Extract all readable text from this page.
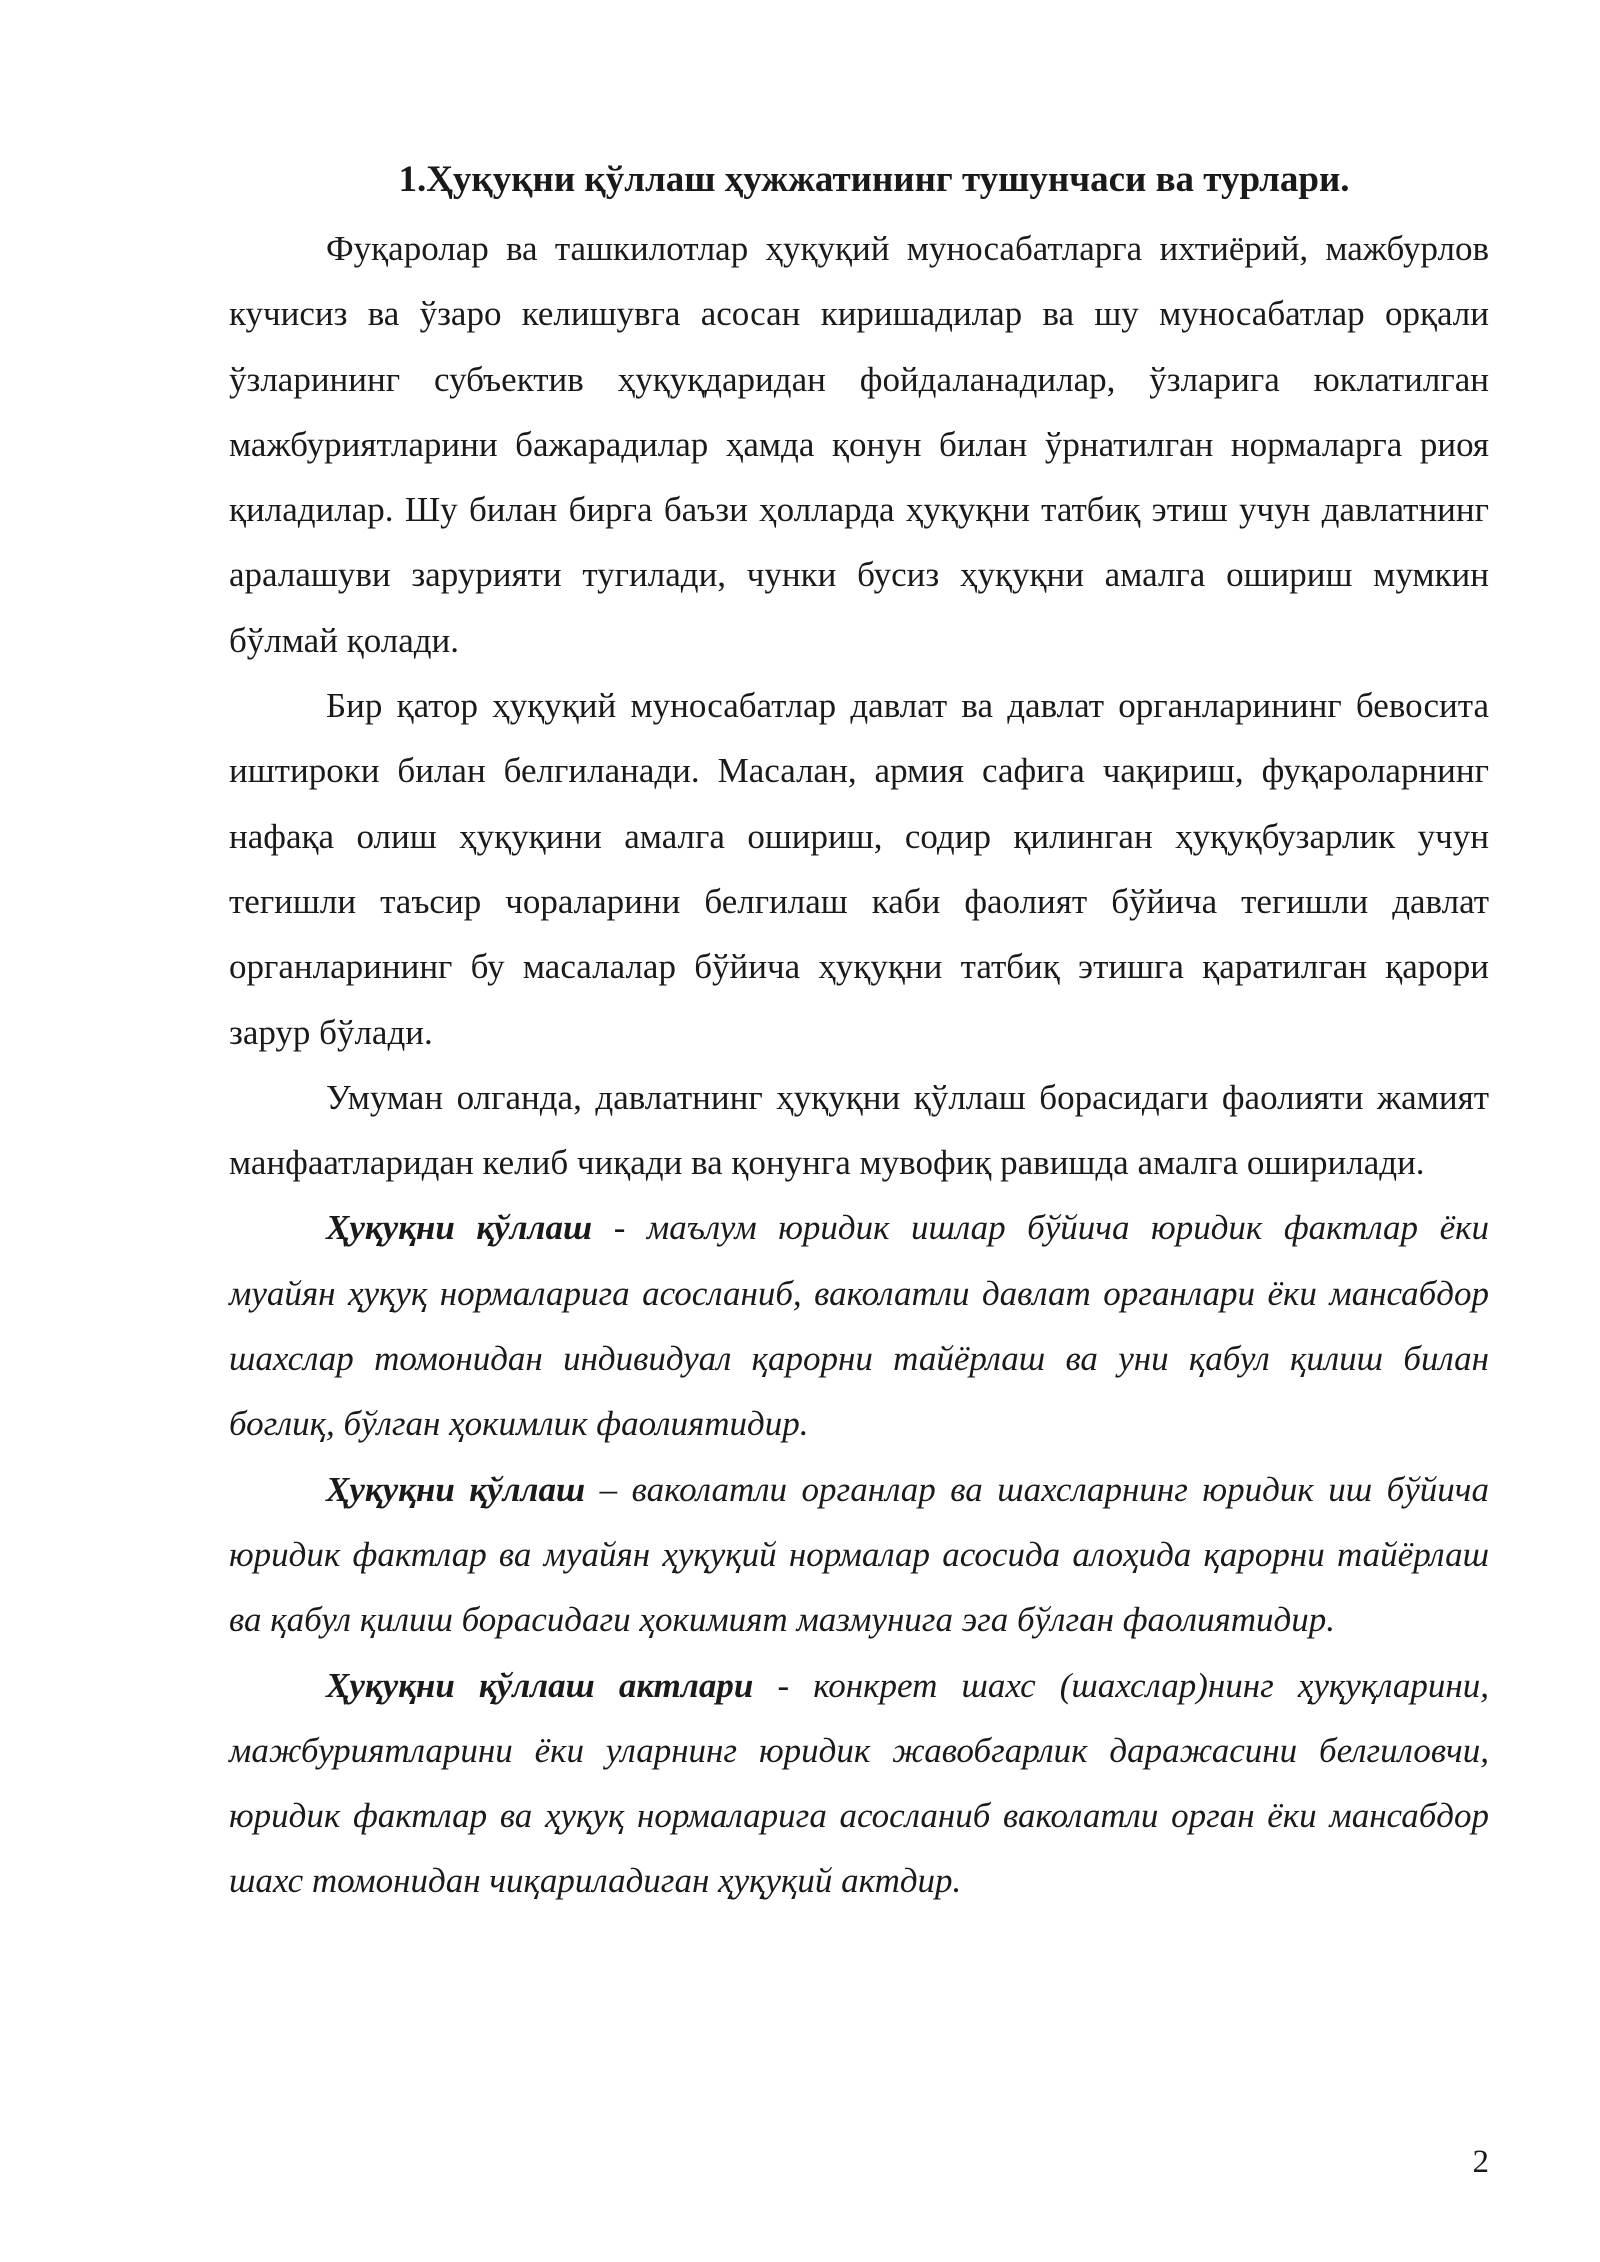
1.Ҳуқуқни қўллаш ҳужжатининг тушунчаси ва турлари.

Фуқаролар ва ташкилотлар ҳуқуқий муносабатларга ихтиёрий, мажбурлов кучисиз ва ўзаро келишувга асосан киришадилар ва шу муносабатлар орқали ўзларининг субъектив ҳуқуқдаридан фойдаланадилар, ўзларига юклатилган мажбуриятларини бажарадилар ҳамда қонун билан ўрнатилган нормаларга риоя қиладилар. Шу билан бирга баъзи ҳолларда ҳуқуқни татбиқ этиш учун давлатнинг аралашуви зарурияти тугилади, чунки бусиз ҳуқуқни амалга ошириш мумкин бўлмай қолади.

Бир қатор ҳуқуқий муносабатлар давлат ва давлат органларининг бевосита иштироки билан белгиланади. Масалан, армия сафига чақириш, фуқароларнинг нафақа олиш ҳуқуқини амалга ошириш, содир қилинган ҳуқуқбузарлик учун тегишли таъсир чораларини белгилаш каби фаолият бўйича тегишли давлат органларининг бу масалалар бўйича ҳуқуқни татбиқ этишга қаратилган қарори зарур бўлади.

Умуман олганда, давлатнинг ҳуқуқни қўллаш борасидаги фаолияти жамият манфаатларидан келиб чиқади ва қонунга мувофиқ равишда амалга оширилади.

Ҳуқуқни қўллаш - маълум юридик ишлар бўйича юридик фактлар ёки муайян ҳуқуқ нормаларига асосланиб, ваколатли давлат органлари ёки мансабдор шахслар томонидан индивидуал қарорни тайёрлаш ва уни қабул қилиш билан боглиқ, бўлган ҳокимлик фаолиятидир.

Ҳуқуқни қўллаш – ваколатли органлар ва шахсларнинг юридик иш бўйича юридик фактлар ва муайян ҳуқуқий нормалар асосида алоҳида қарорни тайёрлаш ва қабул қилиш борасидаги ҳокимият мазмунига эга бўлган фаолиятидир.

Ҳуқуқни қўллаш актлари - конкрет шахс (шахслар)нинг ҳуқуқларини, мажбуриятларини ёки уларнинг юридик жавобгарлик даражасини белгиловчи, юридик фактлар ва ҳуқуқ нормаларига асосланиб ваколатли орган ёки мансабдор шахс томонидан чиқариладиган ҳуқуқий актдир.

2
